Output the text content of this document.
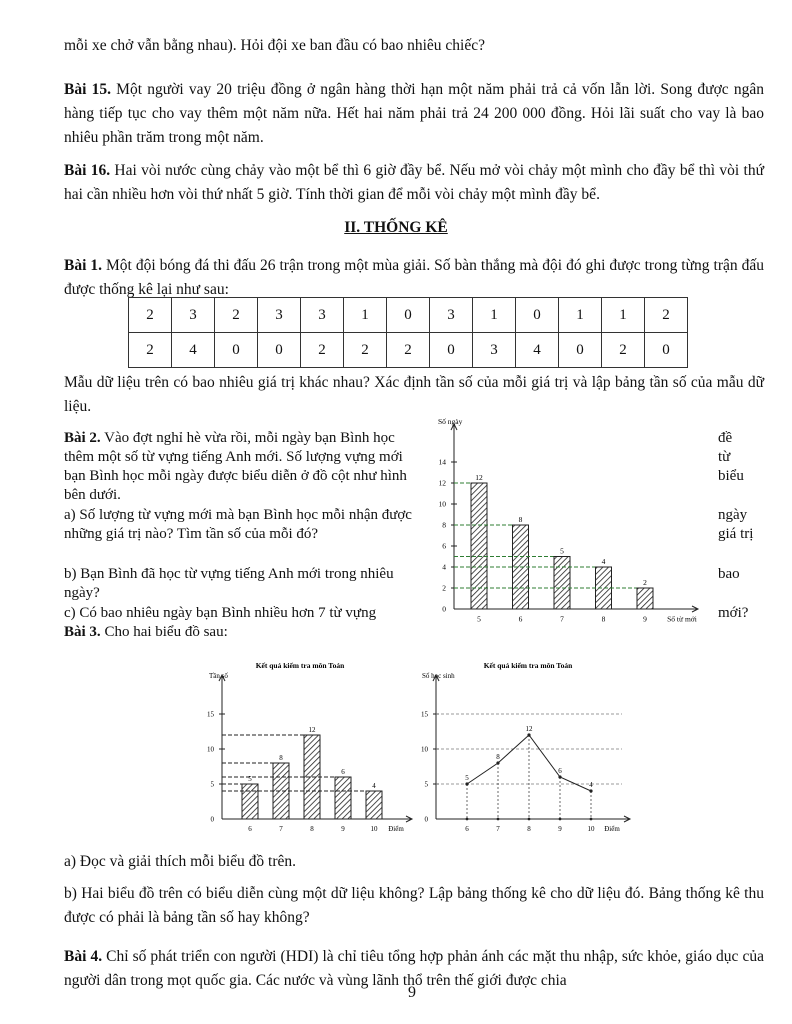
mỗi xe chở vẫn bằng nhau). Hỏi đội xe ban đầu có bao nhiêu chiếc?

Bài 15. Một người vay 20 triệu đồng ở ngân hàng thời hạn một năm phải trả cả vốn lẫn lời. Song được ngân hàng tiếp tục cho vay thêm một năm nữa. Hết hai năm phải trả 24 200 000 đồng. Hỏi lãi suất cho vay là bao nhiêu phần trăm trong một năm.

Bài 16. Hai vòi nước cùng chảy vào một bể thì 6 giờ đầy bể. Nếu mở vòi chảy một mình cho đầy bể thì vòi thứ hai cần nhiều hơn vòi thứ nhất 5 giờ. Tính thời gian để mỗi vòi chảy một mình đầy bể.

II. THỐNG KÊ

Bài 1. Một đội bóng đá thi đấu 26 trận trong một mùa giải. Số bàn thắng mà đội đó ghi được trong từng trận đấu được thống kê lại như sau:

2	3	2	3	3	1	0	3	1	0	1	1	2
2	4	0	0	2	2	2	0	3	4	0	2	0

Mẫu dữ liệu trên có bao nhiêu giá trị khác nhau? Xác định tần số của mỗi giá trị và lập bảng tần số của mẫu dữ liệu.

Bài 2. Vào đợt nghỉ hè vừa rồi, mỗi ngày bạn Bình học thêm một số từ vựng tiếng Anh mới. Số lượng vựng mới bạn Bình học mỗi ngày được biểu diễn ở đồ cột như hình bên dưới.

a) Số lượng từ vựng mới mà bạn Bình học mỗi nhận được những giá trị nào? Tìm tần số của mỗi đó?

b) Bạn Bình đã học từ vựng tiếng Anh mới trong nhiêu ngày?

c) Có bao nhiêu ngày bạn Bình nhiều hơn 7 từ vựng

đề
từ
biểu
ngày
giá trị
bao
mới?

Bài 3. Cho hai biểu đồ sau:

Số ngày
0
2
4
6
8
10
12
14
5	6	7	8	9	Số từ mới
12
8
5
4
2
Kết quả kiểm tra môn Toán
Tần số
0
5
10
15
6	7	8	9	10 Điểm
5
8
12
6
4
Kết quả kiểm tra môn Toán
Số học sinh
0
5
10
15
6	7	8	9	10 Điểm
5
8
12
6
4

a) Đọc và giải thích mỗi biểu đồ trên.

b) Hai biểu đồ trên có biểu diễn cùng một dữ liệu không? Lập bảng thống kê cho dữ liệu đó. Bảng thống kê thu được có phải là bảng tần số hay không?

Bài 4. Chỉ số phát triển con người (HDI) là chỉ tiêu tổng hợp phản ánh các mặt thu nhập, sức khỏe, giáo dục của người dân trong mọt quốc gia. Các nước và vùng lãnh thổ trên thế giới được chia

9
